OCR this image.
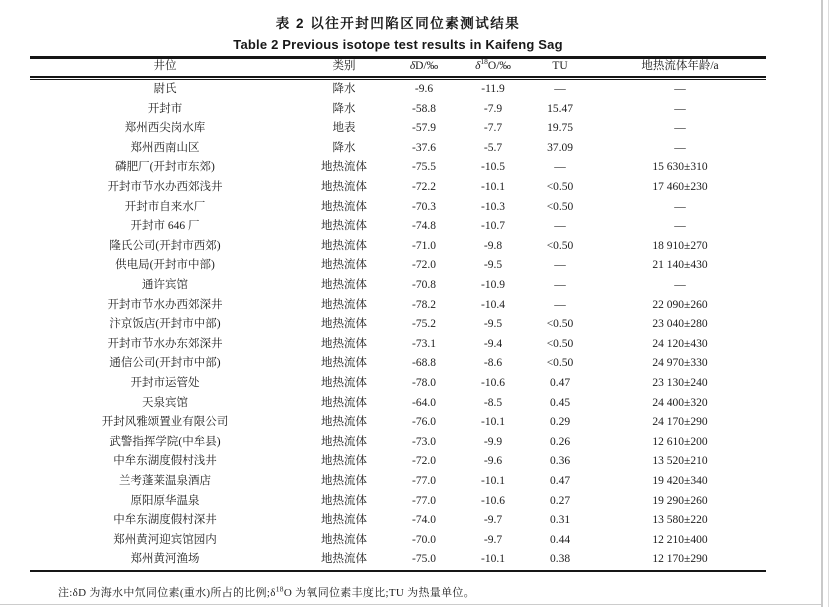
表 2 以往开封凹陷区同位素测试结果
Table 2 Previous isotope test results in Kaifeng Sag
井位	类别	δD/‰	$\delta^{18}O/‰$	TU	地热流体年龄/a
尉氏	降水	-9.6	-11.9	—	—
开封市	降水	-58.8	-7.9	15.47	—
郑州西尖岗水库	地表	-57.9	-7.7	19.75	—
郑州西南山区	降水	-37.6	-5.7	37.09	—
磷肥厂(开封市东郊)	地热流体	-75.5	-10.5	—	15 630±310
开封市节水办西郊浅井	地热流体	-72.2	-10.1	<0.50	17 460±230
开封市自来水厂	地热流体	-70.3	-10.3	<0.50	—
开封市 646 厂	地热流体	-74.8	-10.7	—	—
隆氏公司(开封市西郊)	地热流体	-71.0	-9.8	<0.50	18 910±270
供电局(开封市中部)	地热流体	-72.0	-9.5	—	21 140±430
通许宾馆	地热流体	-70.8	-10.9	—	—
开封市节水办西郊深井	地热流体	-78.2	-10.4	—	22 090±260
汴京饭店(开封市中部)	地热流体	-75.2	-9.5	<0.50	23 040±280
开封市节水办东郊深井	地热流体	-73.1	-9.4	<0.50	24 120±430
通信公司(开封市中部)	地热流体	-68.8	-8.6	<0.50	24 970±330
开封市运管处	地热流体	-78.0	-10.6	0.47	23 130±240
天泉宾馆	地热流体	-64.0	-8.5	0.45	24 400±320
开封风雅颂置业有限公司	地热流体	-76.0	-10.1	0.29	24 170±290
武警指挥学院(中牟县)	地热流体	-73.0	-9.9	0.26	12 610±200
中牟东湖度假村浅井	地热流体	-72.0	-9.6	0.36	13 520±210
兰考蓬莱温泉酒店	地热流体	-77.0	-10.1	0.47	19 420±340
原阳原华温泉	地热流体	-77.0	-10.6	0.27	19 290±260
中牟东湖度假村深井	地热流体	-74.0	-9.7	0.31	13 580±220
郑州黄河迎宾馆园内	地热流体	-70.0	-9.7	0.44	12 210±400
郑州黄河渔场	地热流体	-75.0	-10.1	0.38	12 170±290
注:δD 为海水中氘同位素(重水)所占的比例$;\delta^{18}O$ 为氧同位素丰度比;TU 为热量单位。
